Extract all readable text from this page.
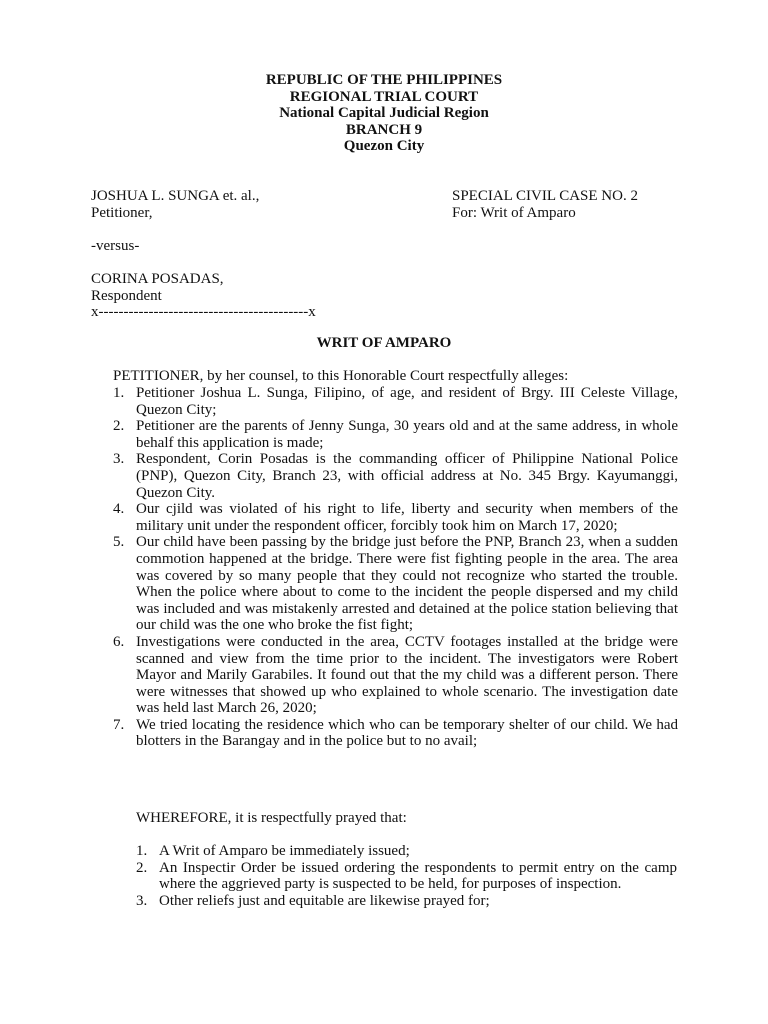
REPUBLIC OF THE PHILIPPINES
REGIONAL TRIAL COURT
National Capital Judicial Region
BRANCH 9
Quezon City
JOSHUA L. SUNGA et. al.,	SPECIAL CIVIL CASE NO. 2
Petitioner,	For: Writ of Amparo
-versus-
CORINA POSADAS,
Respondent
x------------------------------------------x
WRIT OF AMPARO
PETITIONER, by her counsel, to this Honorable Court respectfully alleges:
1. Petitioner Joshua L. Sunga, Filipino, of age, and resident of Brgy. III Celeste Village, Quezon City;
2. Petitioner are the parents of Jenny Sunga, 30 years old and at the same address, in whole behalf this application is made;
3. Respondent, Corin Posadas is the commanding officer of Philippine National Police (PNP), Quezon City, Branch 23, with official address at No. 345 Brgy. Kayumanggi, Quezon City.
4. Our cjild was violated of his right to life, liberty and security when members of the military unit under the respondent officer, forcibly took him on March 17, 2020;
5. Our child have been passing by the bridge just before the PNP, Branch 23, when a sudden commotion happened at the bridge. There were fist fighting people in the area. The area was covered by so many people that they could not recognize who started the trouble. When the police where about to come to the incident the people dispersed and my child was included and was mistakenly arrested and detained at the police station believing that our child was the one who broke the fist fight;
6. Investigations were conducted in the area, CCTV footages installed at the bridge were scanned and view from the time prior to the incident. The investigators were Robert Mayor and Marily Garabiles. It found out that the my child was a different person. There were witnesses that showed up who explained to whole scenario. The investigation date was held last March 26, 2020;
7. We tried locating the residence which who can be temporary shelter of our child. We had blotters in the Barangay and in the police but to no avail;
WHEREFORE, it is respectfully prayed that:
1. A Writ of Amparo be immediately issued;
2. An Inspectir Order be issued ordering the respondents to permit entry on the camp where the aggrieved party is suspected to be held, for purposes of inspection.
3. Other reliefs just and equitable are likewise prayed for;
